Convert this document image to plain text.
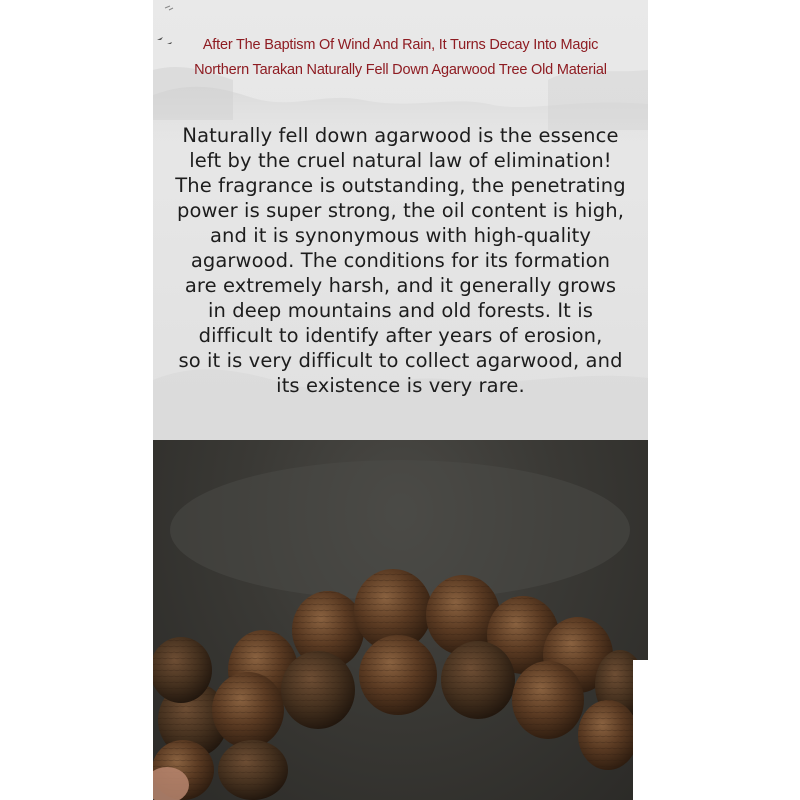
After The Baptism Of Wind And Rain, It Turns Decay Into Magic
Northern Tarakan Naturally Fell Down Agarwood Tree Old Material
Naturally fell down agarwood is the essence
left by the cruel natural law of elimination!
The fragrance is outstanding, the penetrating
power is super strong, the oil content is high,
and it is synonymous with high-quality
agarwood. The conditions for its formation
are extremely harsh, and it generally grows
in deep mountains and old forests. It is
difficult to identify after years of erosion,
so it is very difficult to collect agarwood, and
its existence is very rare.
